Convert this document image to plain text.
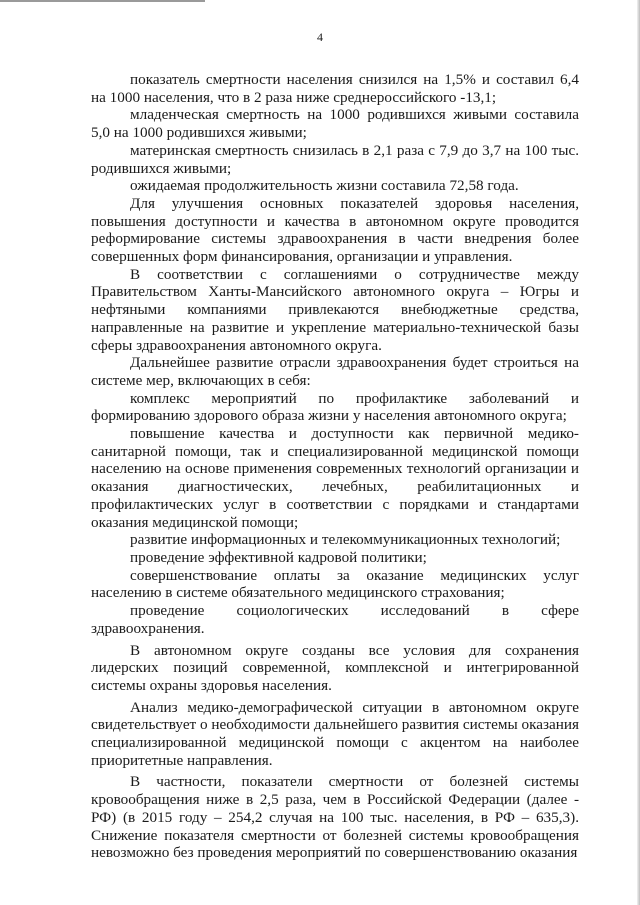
4

показатель смертности населения снизился на 1,5% и составил 6,4 на 1000 населения, что в 2 раза ниже среднероссийского -13,1;

младенческая смертность на 1000 родившихся живыми составила 5,0 на 1000 родившихся живыми;

материнская смертность снизилась в 2,1 раза с 7,9 до 3,7 на 100 тыс. родившихся живыми;

ожидаемая продолжительность жизни составила 72,58 года.

Для улучшения основных показателей здоровья населения, повышения доступности и качества в автономном округе проводится реформирование системы здравоохранения в части внедрения более совершенных форм финансирования, организации и управления.

В соответствии с соглашениями о сотрудничестве между Правительством Ханты-Мансийского автономного округа – Югры и нефтяными компаниями привлекаются внебюджетные средства, направленные на развитие и укрепление материально-технической базы сферы здравоохранения автономного округа.

Дальнейшее развитие отрасли здравоохранения будет строиться на системе мер, включающих в себя:

комплекс мероприятий по профилактике заболеваний и формированию здорового образа жизни у населения автономного округа;

повышение качества и доступности как первичной медико-санитарной помощи, так и специализированной медицинской помощи населению на основе применения современных технологий организации и оказания диагностических, лечебных, реабилитационных и профилактических услуг в соответствии с порядками и стандартами оказания медицинской помощи;

развитие информационных и телекоммуникационных технологий;

проведение эффективной кадровой политики;

совершенствование оплаты за оказание медицинских услуг населению в системе обязательного медицинского страхования;

проведение социологических исследований в сфере здравоохранения.

В автономном округе созданы все условия для сохранения лидерских позиций современной, комплексной и интегрированной системы охраны здоровья населения.

Анализ медико-демографической ситуации в автономном округе свидетельствует о необходимости дальнейшего развития системы оказания специализированной медицинской помощи с акцентом на наиболее приоритетные направления.

В частности, показатели смертности от болезней системы кровообращения ниже в 2,5 раза, чем в Российской Федерации (далее - РФ) (в 2015 году – 254,2 случая на 100 тыс. населения, в РФ – 635,3). Снижение показателя смертности от болезней системы кровообращения невозможно без проведения мероприятий по совершенствованию оказания
